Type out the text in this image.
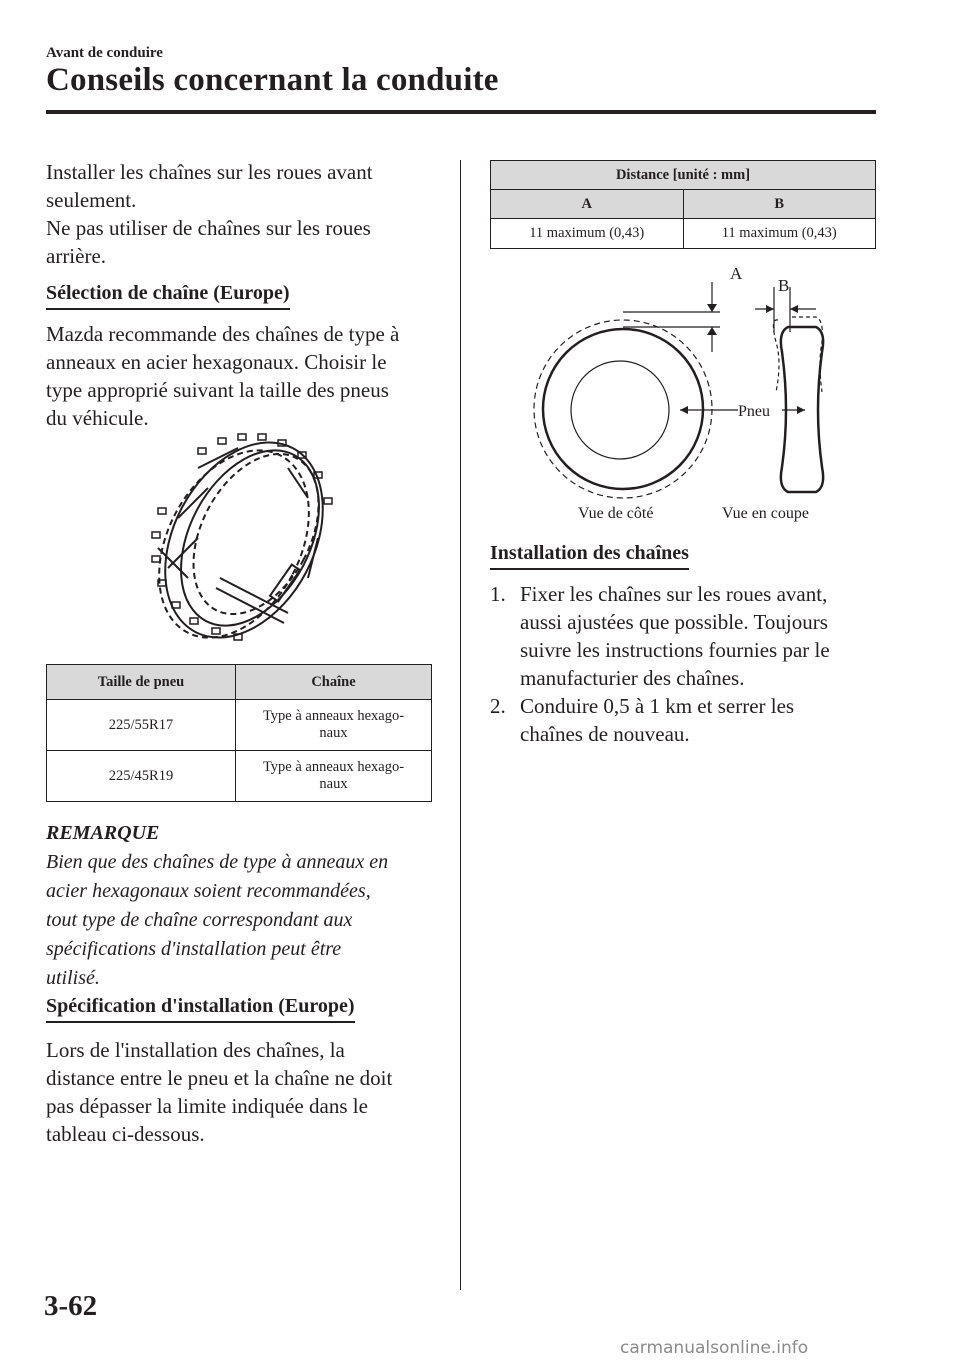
Avant de conduire
Conseils concernant la conduite

Installer les chaînes sur les roues avant

seulement.

Ne pas utiliser de chaînes sur les roues

arrière.

Sélection de chaîne (Europe)

Mazda recommande des chaînes de type à

anneaux en acier hexagonaux. Choisir le

type approprié suivant la taille des pneus

du véhicule.

Taille de pneu	Chaîne
225/55R17	Type à anneaux hexago-
naux

225/45R19	Type à anneaux hexago-
naux
REMARQUE
Bien que des chaînes de type à anneaux en
acier hexagonaux soient recommandées,
tout type de chaîne correspondant aux
spécifications d'installation peut être
utilisé.
Spécification d'installation (Europe)

Lors de l'installation des chaînes, la

distance entre le pneu et la chaîne ne doit

pas dépasser la limite indiquée dans le

tableau ci-dessous.

Distance [unité : mm]	
A	B
11 maximum (0,43)	11 maximum (0,43)
A
B
Pneu
Vue de côté	Vue en coupe
Installation des chaînes
1. Fixer les chaînes sur les roues avant,
aussi ajustées que possible. Toujours
suivre les instructions fournies par le
manufacturier des chaînes.
2. Conduire 0,5 à 1 km et serrer les
chaînes de nouveau.
3-62
carmanualsonline.info
